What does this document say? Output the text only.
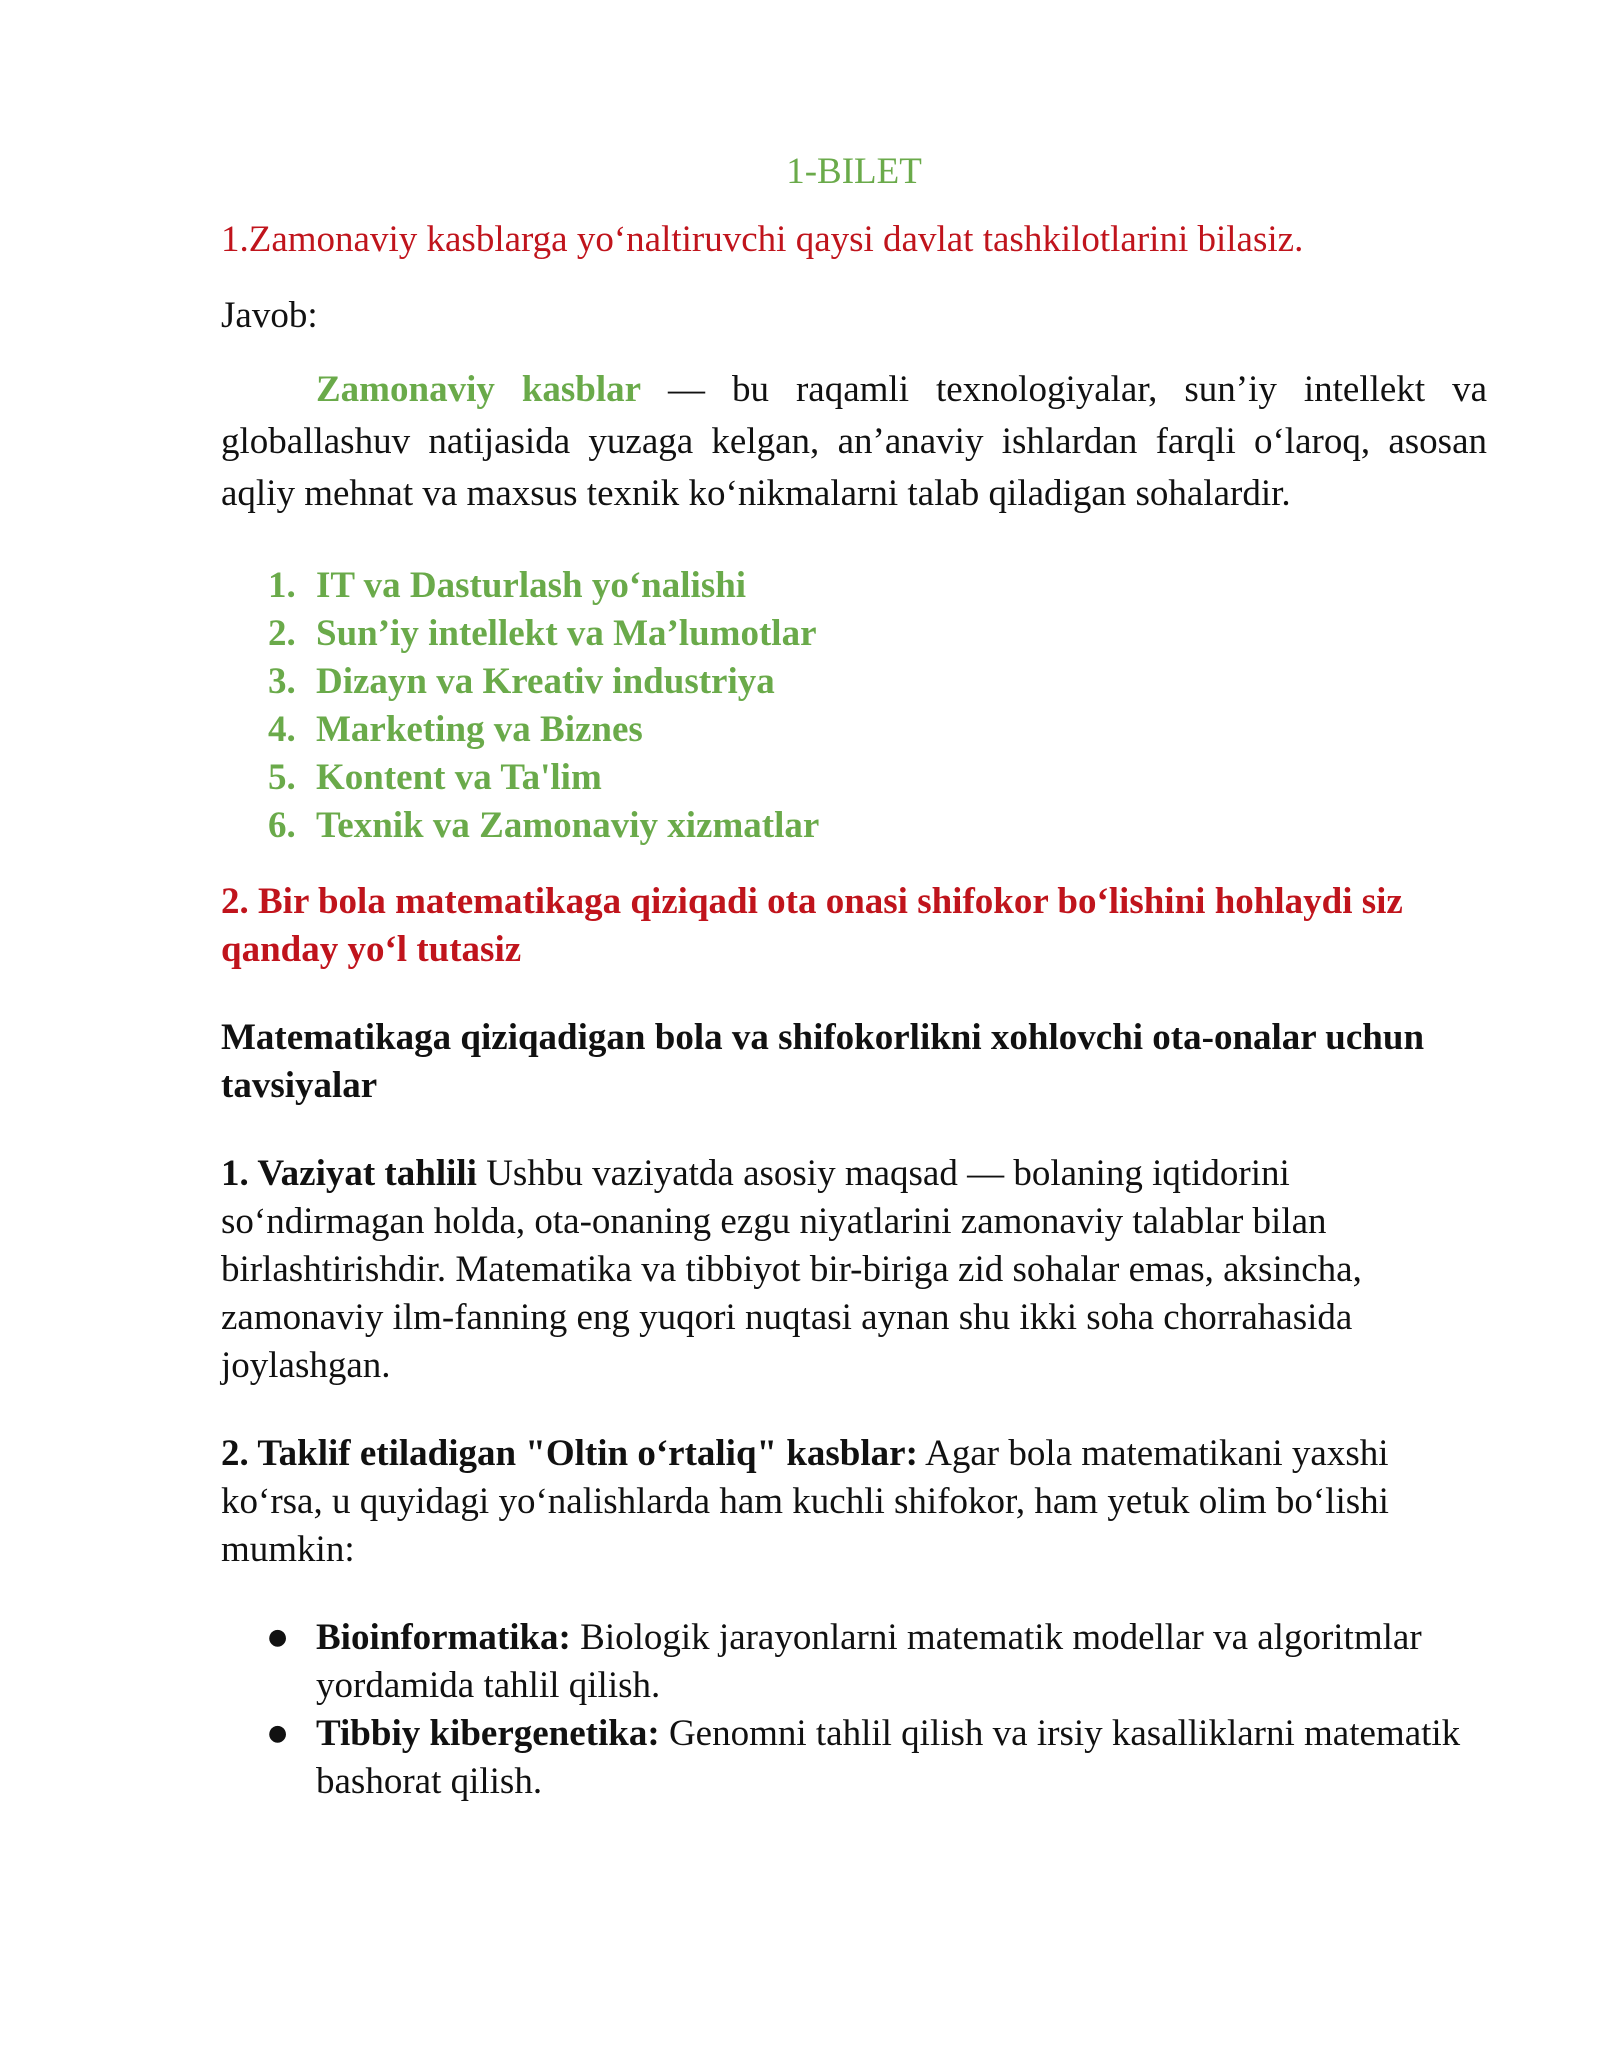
1-BILET

1.Zamonaviy kasblarga yo‘naltiruvchi qaysi davlat tashkilotlarini bilasiz.

Javob:

Zamonaviy kasblar — bu raqamli texnologiyalar, sun’iy intellekt va globallashuv natijasida yuzaga kelgan, an’anaviy ishlardan farqli o‘laroq, asosan aqliy mehnat va maxsus texnik ko‘nikmalarni talab qiladigan sohalardir.

1. IT va Dasturlash yo‘nalishi
2. Sun’iy intellekt va Ma’lumotlar
3. Dizayn va Kreativ industriya
4. Marketing va Biznes
5. Kontent va Ta'lim
6. Texnik va Zamonaviy xizmatlar

2. Bir bola matematikaga qiziqadi ota onasi shifokor bo‘lishini hohlaydi siz qanday yo‘l tutasiz

Matematikaga qiziqadigan bola va shifokorlikni xohlovchi ota-onalar uchun tavsiyalar

1. Vaziyat tahlili Ushbu vaziyatda asosiy maqsad — bolaning iqtidorini so‘ndirmagan holda, ota-onaning ezgu niyatlarini zamonaviy talablar bilan birlashtirishdir. Matematika va tibbiyot bir-biriga zid sohalar emas, aksincha, zamonaviy ilm-fanning eng yuqori nuqtasi aynan shu ikki soha chorrahasida joylashgan.

2. Taklif etiladigan "Oltin o‘rtaliq" kasblar: Agar bola matematikani yaxshi ko‘rsa, u quyidagi yo‘nalishlarda ham kuchli shifokor, ham yetuk olim bo‘lishi mumkin:

● Bioinformatika: Biologik jarayonlarni matematik modellar va algoritmlar yordamida tahlil qilish.
● Tibbiy kibergenetika: Genomni tahlil qilish va irsiy kasalliklarni matematik bashorat qilish.
